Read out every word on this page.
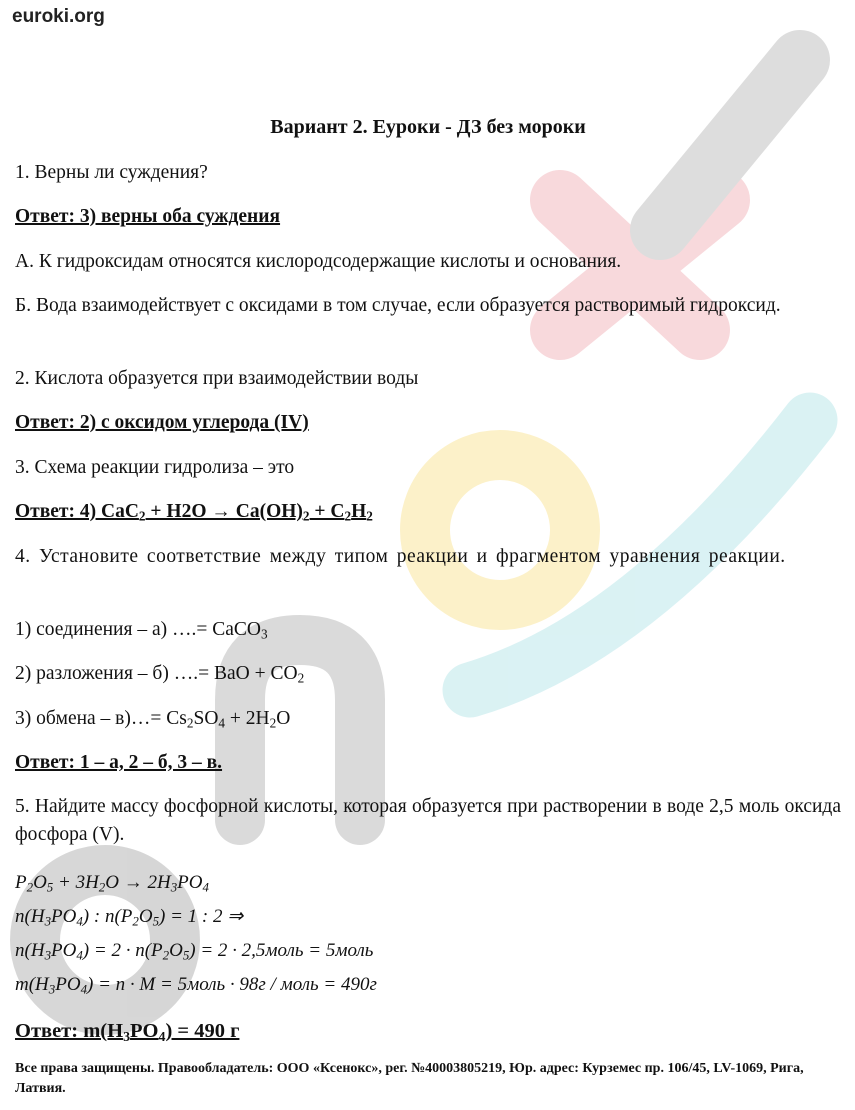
euroki.org
Вариант 2. Еуроки - ДЗ без мороки
1. Верны ли суждения?
Ответ: 3) верны оба суждения
А. К гидроксидам относятся кислородсодержащие кислоты и основания.
Б. Вода взаимодействует с оксидами в том случае, если образуется растворимый гидроксид.
2. Кислота образуется при взаимодействии воды
Ответ: 2) с оксидом углерода (IV)
3. Схема реакции гидролиза – это
Ответ: 4) $CaC_2 + H2O \to Ca(OH)_2 + C_2H_2$
4. Установите соответствие между типом реакции и фрагментом уравнения реакции.
1) соединения – а) ….= CaCO$_3$
2) разложения – б) ….= BaO + $CO_2$
3) обмена – в)…= $Cs_2SO_4 + 2H_2O$
Ответ: 1 – а, 2 – б, 3 – в.
5. Найдите массу фосфорной кислоты, которая образуется при растворении в воде 2,5 моль оксида фосфора (V).
$P_2O_5 + 3H_2O \to 2H_3PO_4$
$n(H_3PO_4)$ : $n(P_2O_5) = 1$ : 2 ⇒
$n(H_3PO_4) = 2 \cdot n(P_2O_5) = 2$ · 2,5моль = 5моль
$m(H_3PO_4) = n \cdot M$ = 5моль · 98г / моль = 490г
Ответ: $m(H_3PO_4) = 490$ г
Все права защищены. Правообладатель: ООО «Ксенокс», рег. №40003805219, Юр. адрес: Курземес пр. 106/45, LV-1069, Рига, Латвия.
